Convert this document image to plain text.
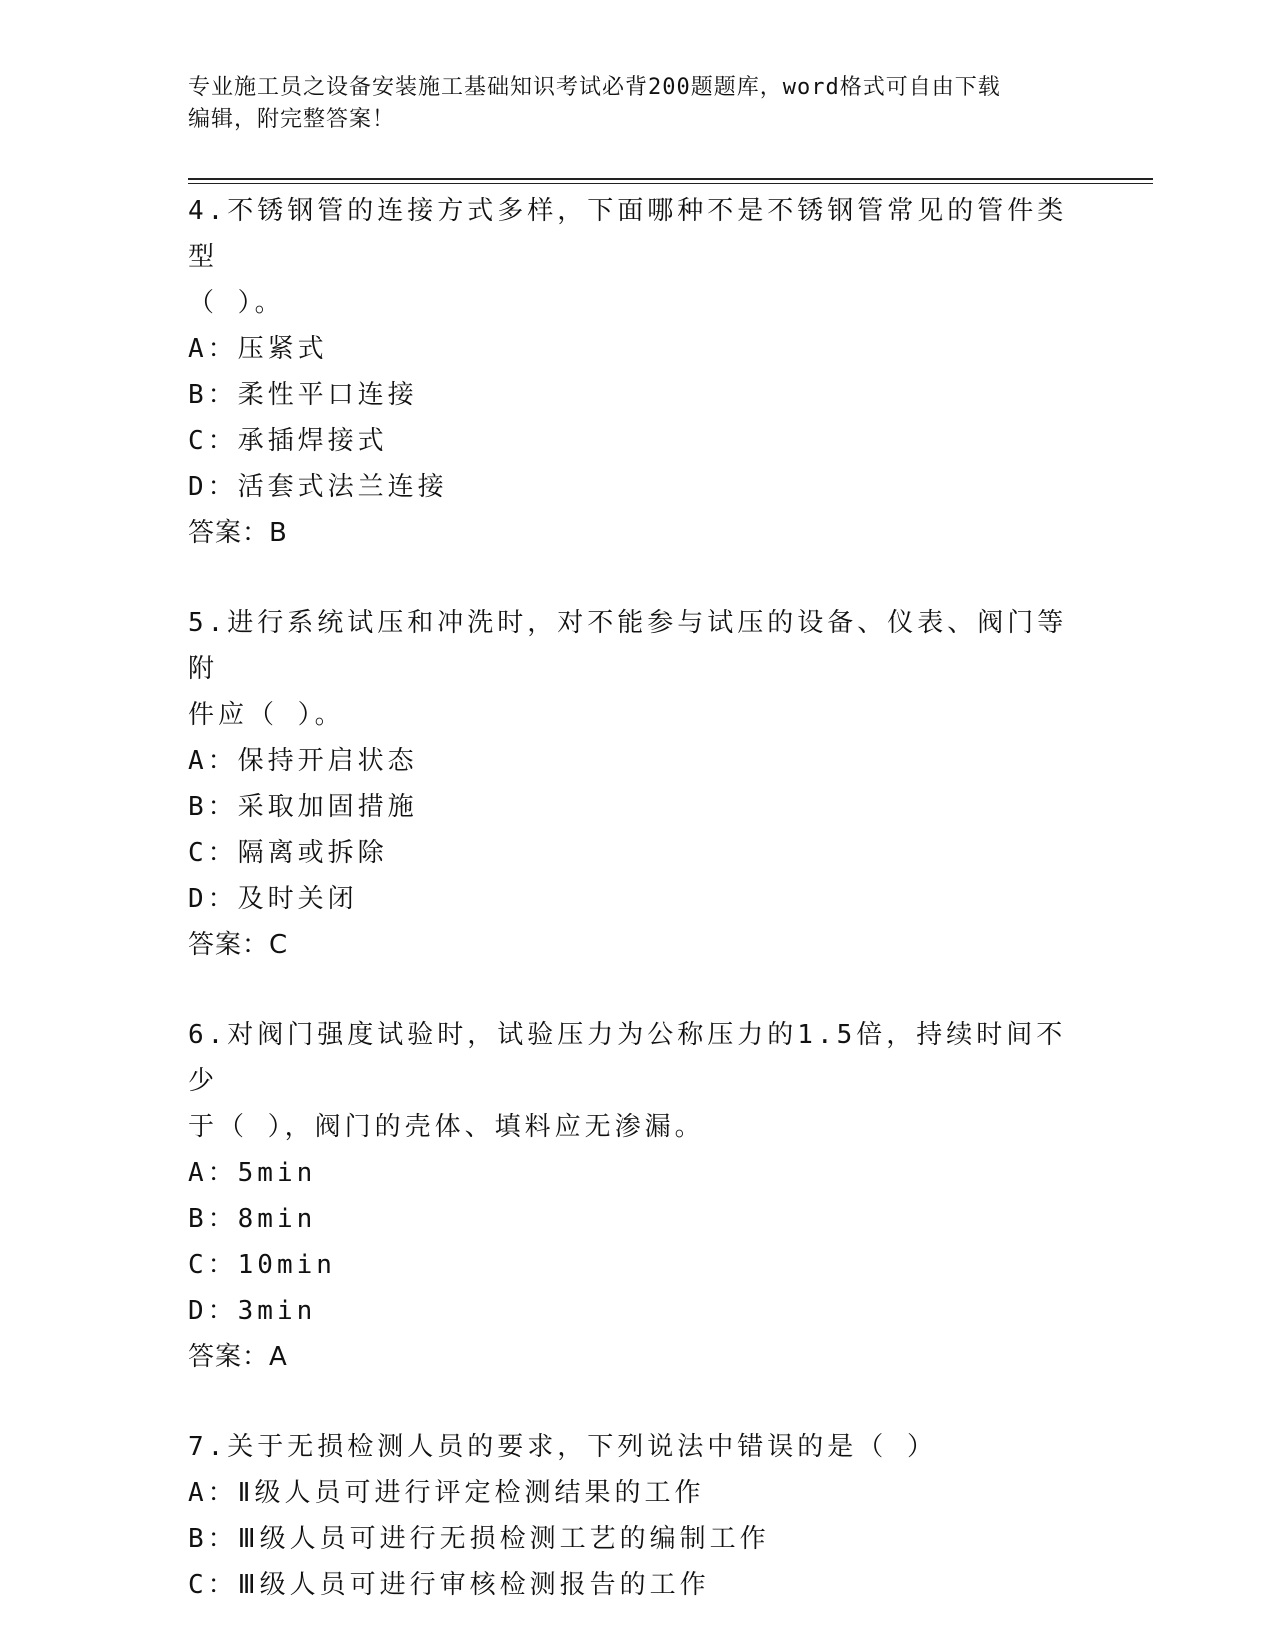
专业施工员之设备安装施工基础知识考试必背200题题库，word格式可自由下载
编辑，附完整答案！

4.不锈钢管的连接方式多样，下面哪种不是不锈钢管常见的管件类型

（ ）。

A：压紧式

B：柔性平口连接

C：承插焊接式

D：活套式法兰连接

答案：B

5.进行系统试压和冲洗时，对不能参与试压的设备、仪表、阀门等附

件应（ ）。

A：保持开启状态

B：采取加固措施

C：隔离或拆除

D：及时关闭

答案：C

6.对阀门强度试验时，试验压力为公称压力的1.5倍，持续时间不少

于（ ），阀门的壳体、填料应无渗漏。

A：5min

B：8min

C：10min

D：3min

答案：A

7.关于无损检测人员的要求，下列说法中错误的是（ ）

A：Ⅱ级人员可进行评定检测结果的工作

B：Ⅲ级人员可进行无损检测工艺的编制工作

C：Ⅲ级人员可进行审核检测报告的工作
